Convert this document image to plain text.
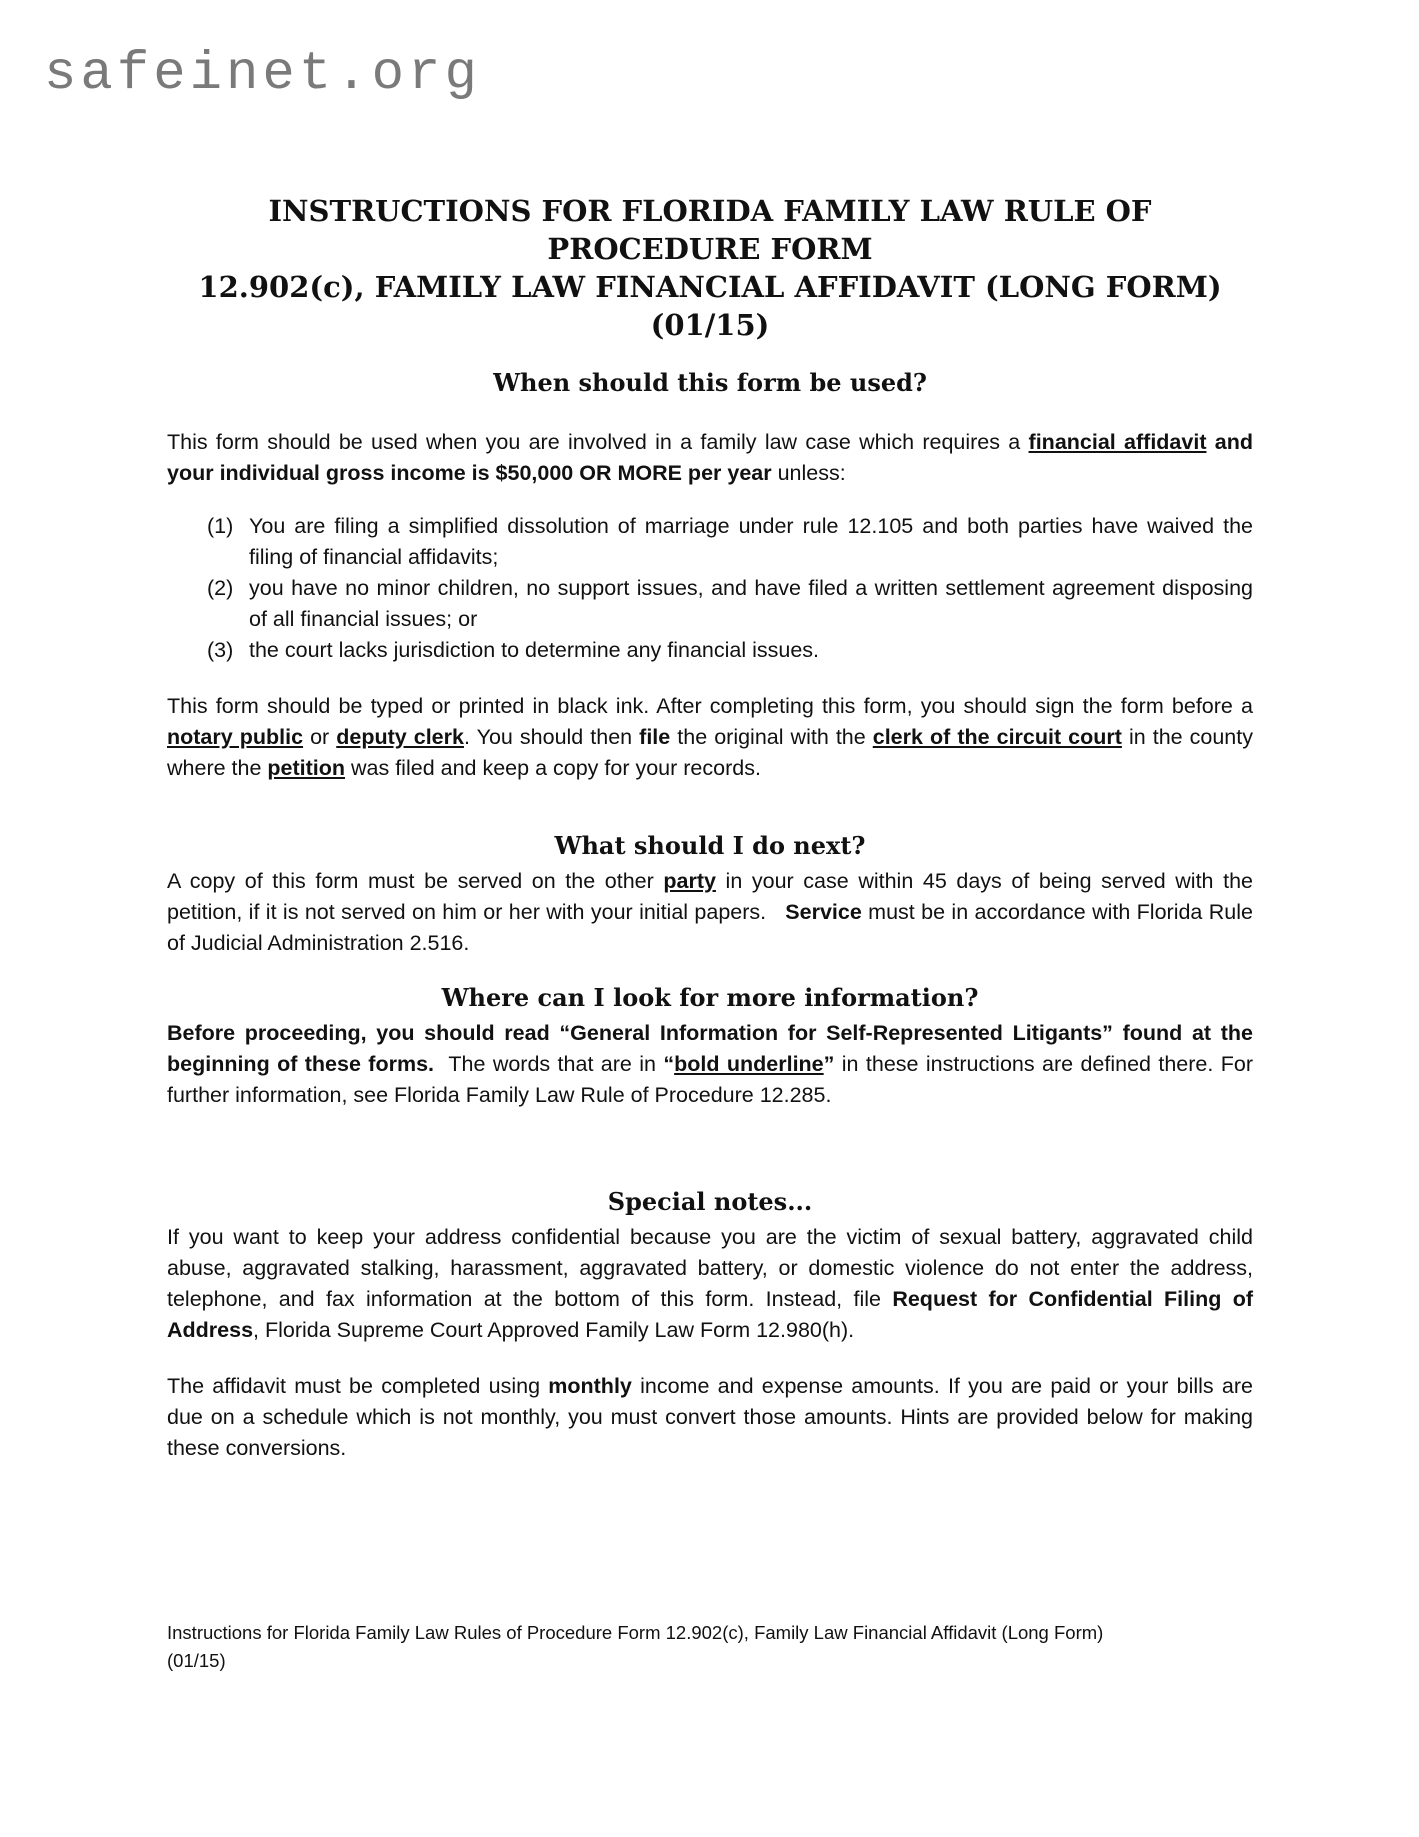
safeinet.org
INSTRUCTIONS FOR FLORIDA FAMILY LAW RULE OF PROCEDURE FORM
12.902(c), FAMILY LAW FINANCIAL AFFIDAVIT (LONG FORM)(01/15)
When should this form be used?

This form should be used when you are involved in a family law case which requires a financial affidavit and your individual gross income is $50,000 OR MORE per year unless:

(1) You are filing a simplified dissolution of marriage under rule 12.105 and both parties have waived the filing of financial affidavits;
(2) you have no minor children, no support issues, and have filed a written settlement agreement disposing of all financial issues; or
(3) the court lacks jurisdiction to determine any financial issues.

This form should be typed or printed in black ink. After completing this form, you should sign the form before a notary public or deputy clerk. You should then file the original with the clerk of the circuit court in the county where the petition was filed and keep a copy for your records.

What should I do next?

A copy of this form must be served on the other party in your case within 45 days of being served with the petition, if it is not served on him or her with your initial papers.   Service must be in accordance with Florida Rule of Judicial Administration 2.516.

Where can I look for more information?

Before proceeding, you should read “General Information for Self-Represented Litigants” found at the beginning of these forms.  The words that are in “bold underline” in these instructions are defined there. For further information, see Florida Family Law Rule of Procedure 12.285.

Special notes...

If you want to keep your address confidential because you are the victim of sexual battery, aggravated child abuse, aggravated stalking, harassment, aggravated battery, or domestic violence do not enter the address, telephone, and fax information at the bottom of this form. Instead, file Request for Confidential Filing of Address, Florida Supreme Court Approved Family Law Form 12.980(h).

The affidavit must be completed using monthly income and expense amounts. If you are paid or your bills are due on a schedule which is not monthly, you must convert those amounts. Hints are provided below for making these conversions.

Instructions for Florida Family Law Rules of Procedure Form 12.902(c), Family Law Financial Affidavit (Long Form)
(01/15)
